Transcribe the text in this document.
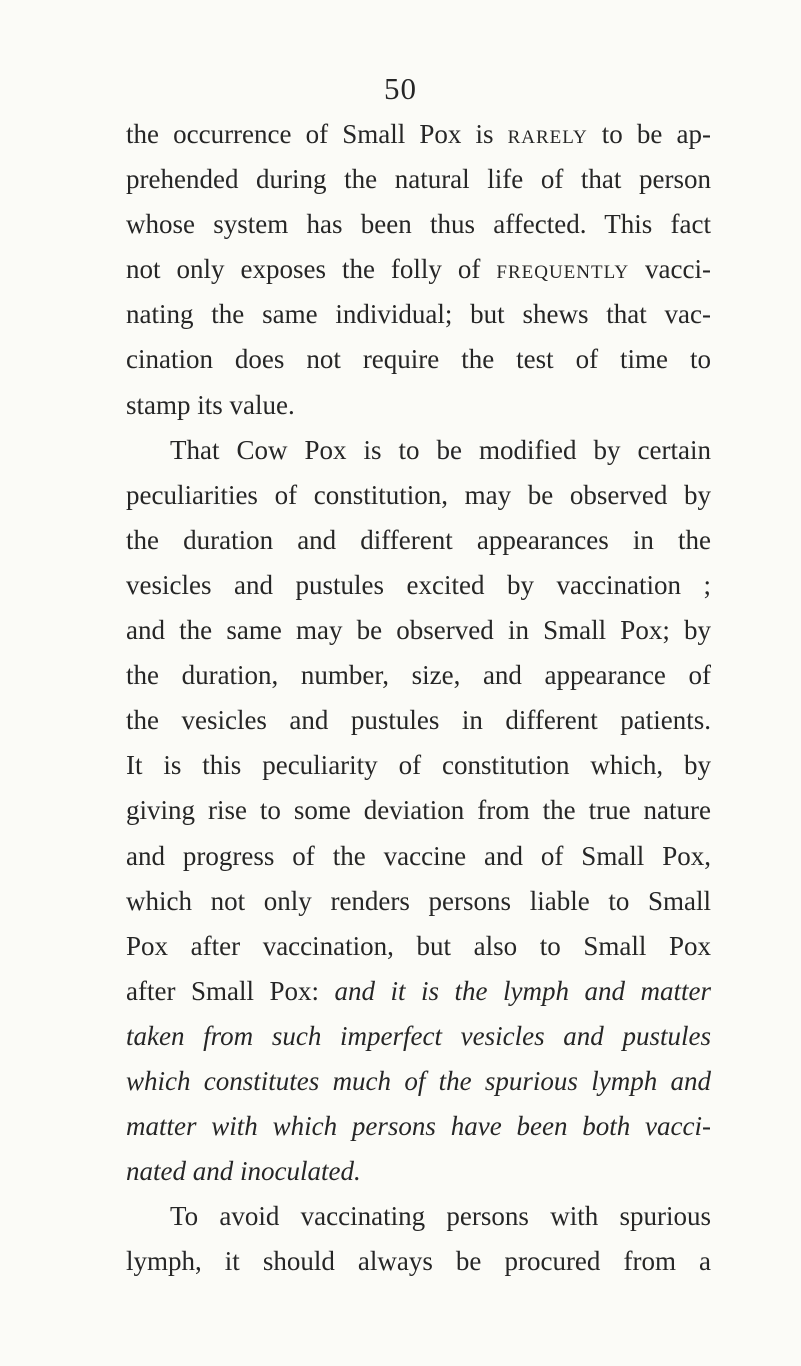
50
the occurrence of Small Pox is rarely to be ap-
prehended during the natural life of that person
whose system has been thus affected. This fact
not only exposes the folly of frequently vacci-
nating the same individual; but shews that vac-
cination does not require the test of time to
stamp its value.
That Cow Pox is to be modified by certain
peculiarities of constitution, may be observed by
the duration and different appearances in the
vesicles and pustules excited by vaccination ;
and the same may be observed in Small Pox; by
the duration, number, size, and appearance of
the vesicles and pustules in different patients.
It is this peculiarity of constitution which, by
giving rise to some deviation from the true nature
and progress of the vaccine and of Small Pox,
which not only renders persons liable to Small
Pox after vaccination, but also to Small Pox
after Small Pox: and it is the lymph and matter
taken from such imperfect vesicles and pustules
which constitutes much of the spurious lymph and
matter with which persons have been both vacci-
nated and inoculated.
To avoid vaccinating persons with spurious
lymph, it should always be procured from a
